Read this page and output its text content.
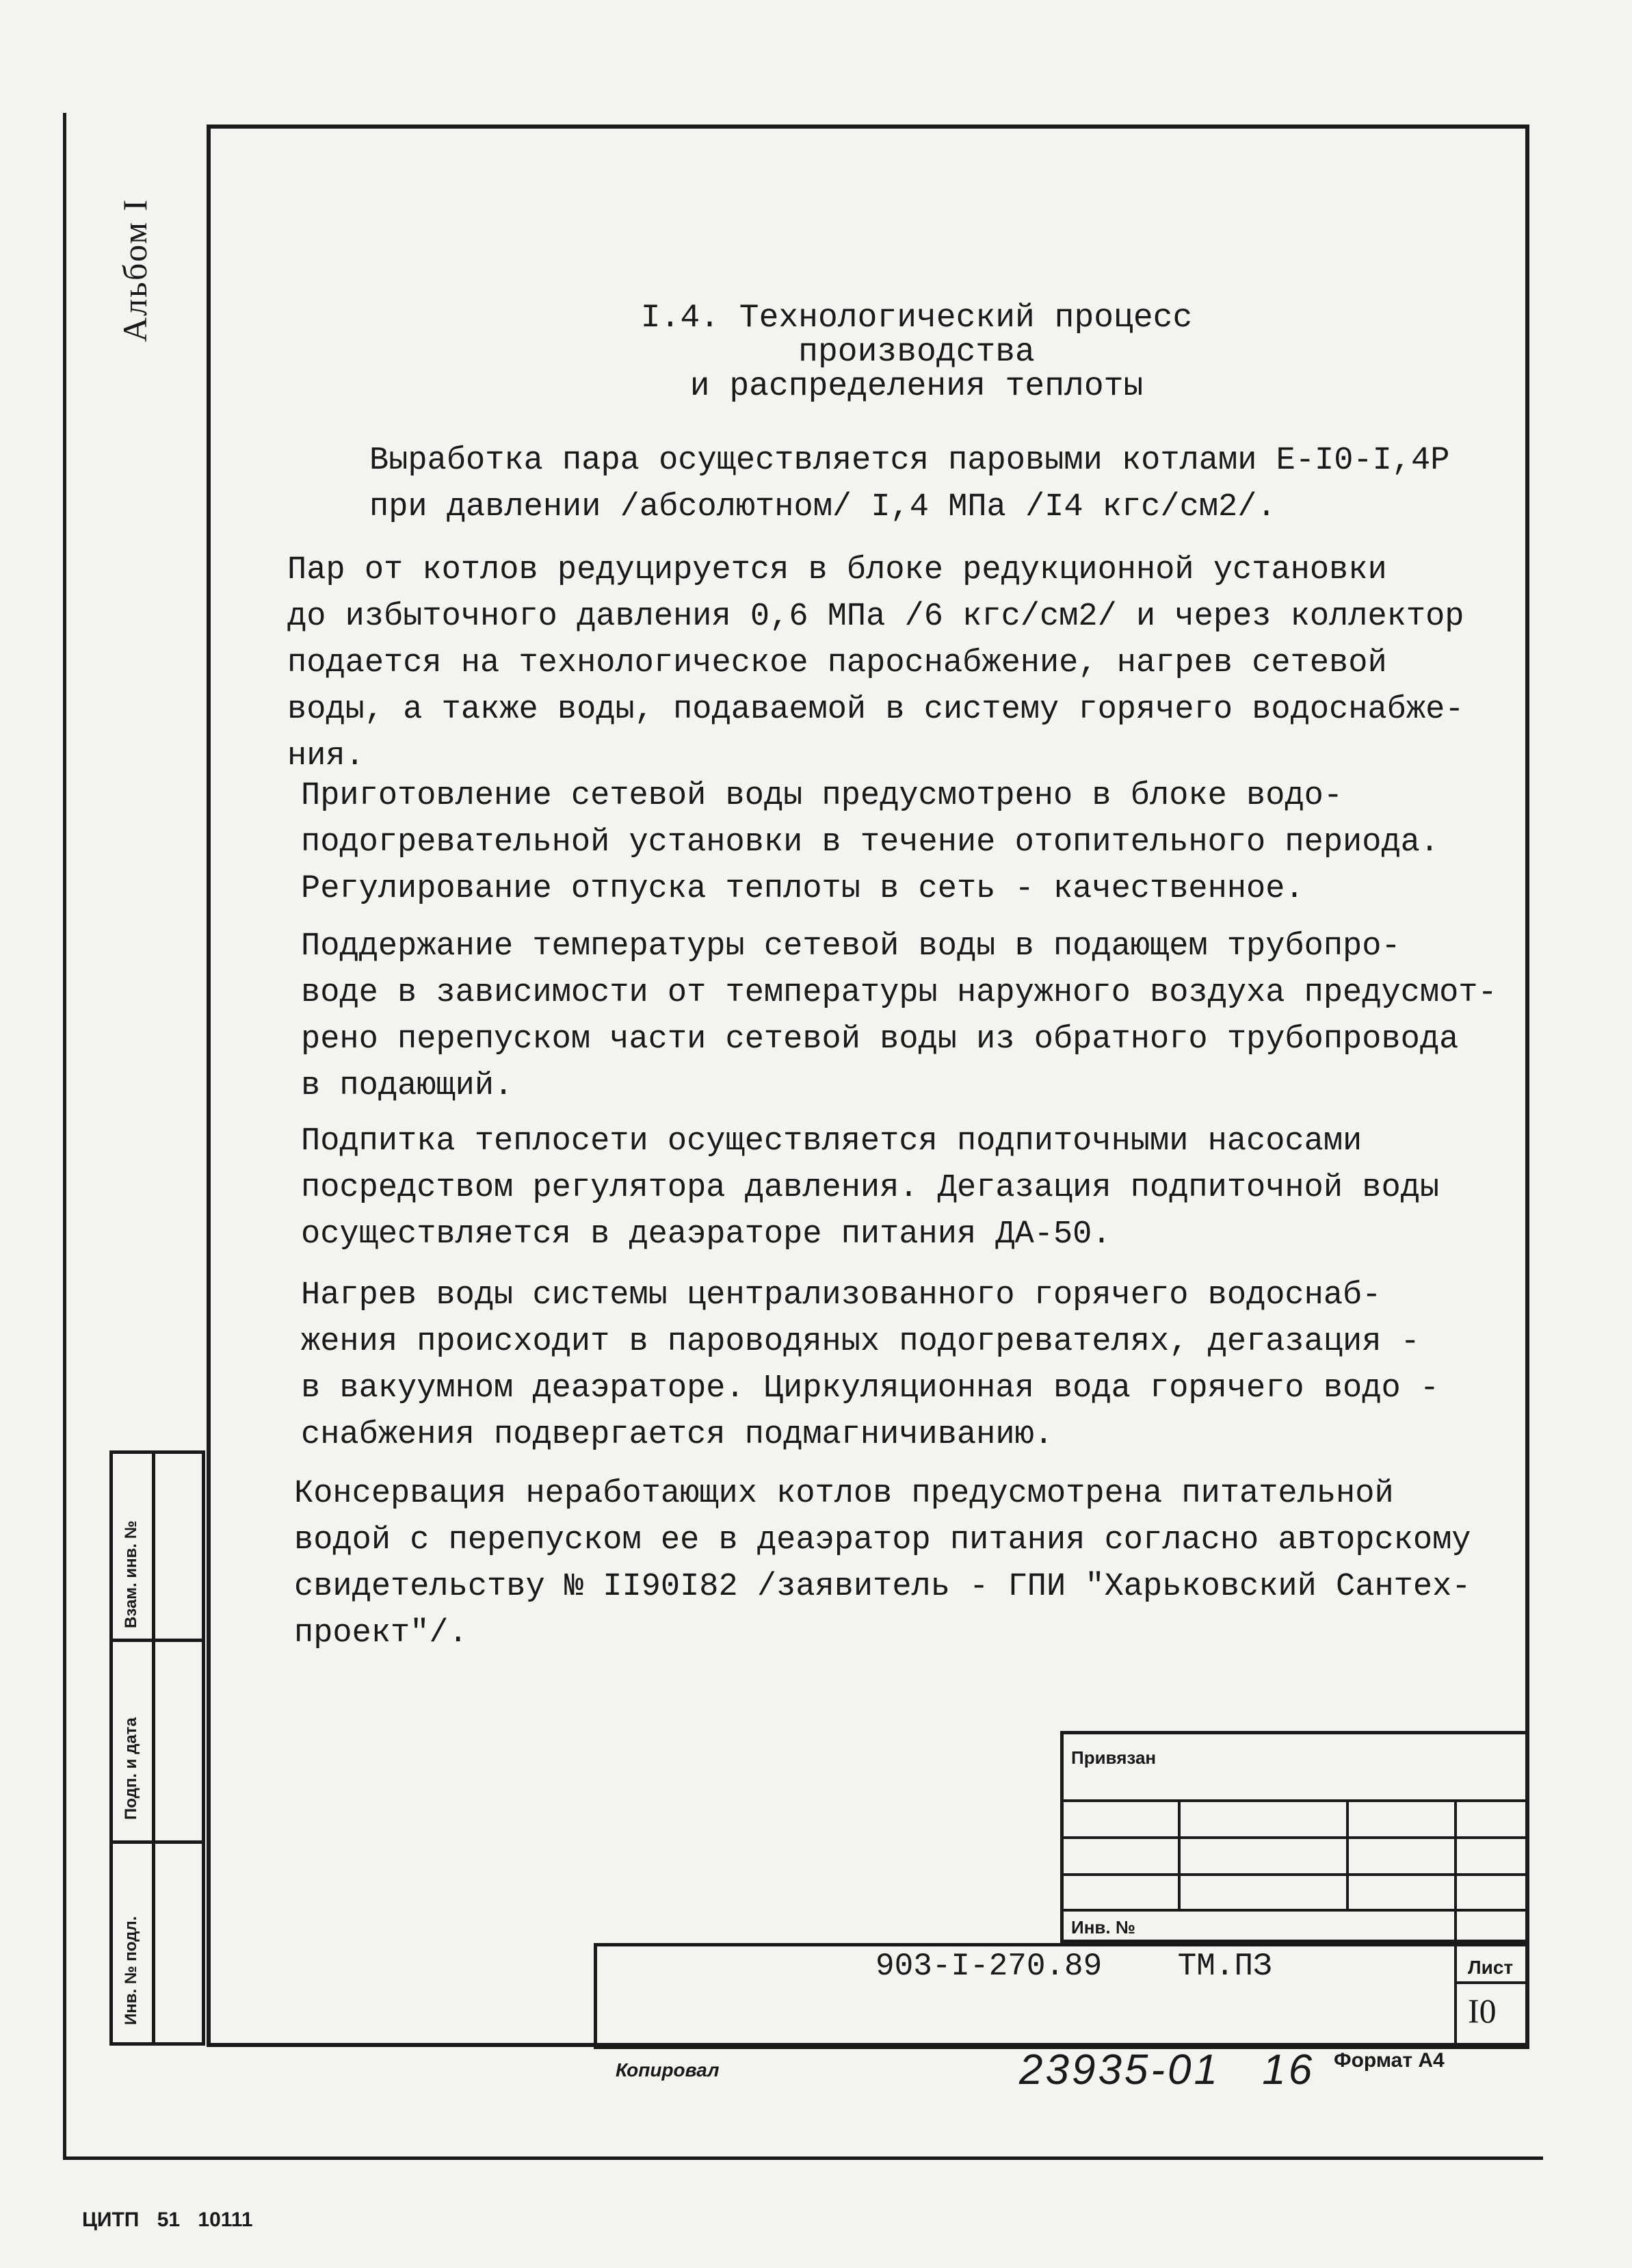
Альбом I	I.4. Технологический процесс производства
и распределения теплоты
Выработка пара осуществляется паровыми котлами Е-I0-I,4Р
при давлении /абсолютном/ I,4 МПа /I4 кгс/см2/.
Пар от котлов редуцируется в блоке редукционной установки
до избыточного давления 0,6 МПа /6 кгс/см2/ и через коллектор
подается на технологическое пароснабжение, нагрев сетевой
воды, а также воды, подаваемой в систему горячего водоснабже-
ния.
Приготовление сетевой воды предусмотрено в блоке водо-
подогревательной установки в течение отопительного периода.
Регулирование отпуска теплоты в сеть - качественное.
Поддержание температуры сетевой воды в подающем трубопро-
воде в зависимости от температуры наружного воздуха предусмот-
рено перепуском части сетевой воды из обратного трубопровода
в подающий.
Подпитка теплосети осуществляется подпиточными насосами
посредством регулятора давления. Дегазация подпиточной воды
осуществляется в деаэраторе питания ДА-50.
Нагрев воды системы централизованного горячего водоснаб-
жения происходит в пароводяных подогревателях, дегазация -
в вакуумном деаэраторе. Циркуляционная вода горячего водо -
снабжения подвергается подмагничиванию.
Консервация неработающих котлов предусмотрена питательной
водой с перепуском ее в деаэратор питания согласно авторскому
свидетельству № II90I82 /заявитель - ГПИ "Харьковский Сантех-
проект"/.
Взам. инв. №
Подп. и дата
Инв. № подл.
Привязан
Инв. №
903-I-270.89    ТМ.ПЗ	Лист
I0
Копировал	23935-01 16 Формат А4
ЦИТП 51 10111
